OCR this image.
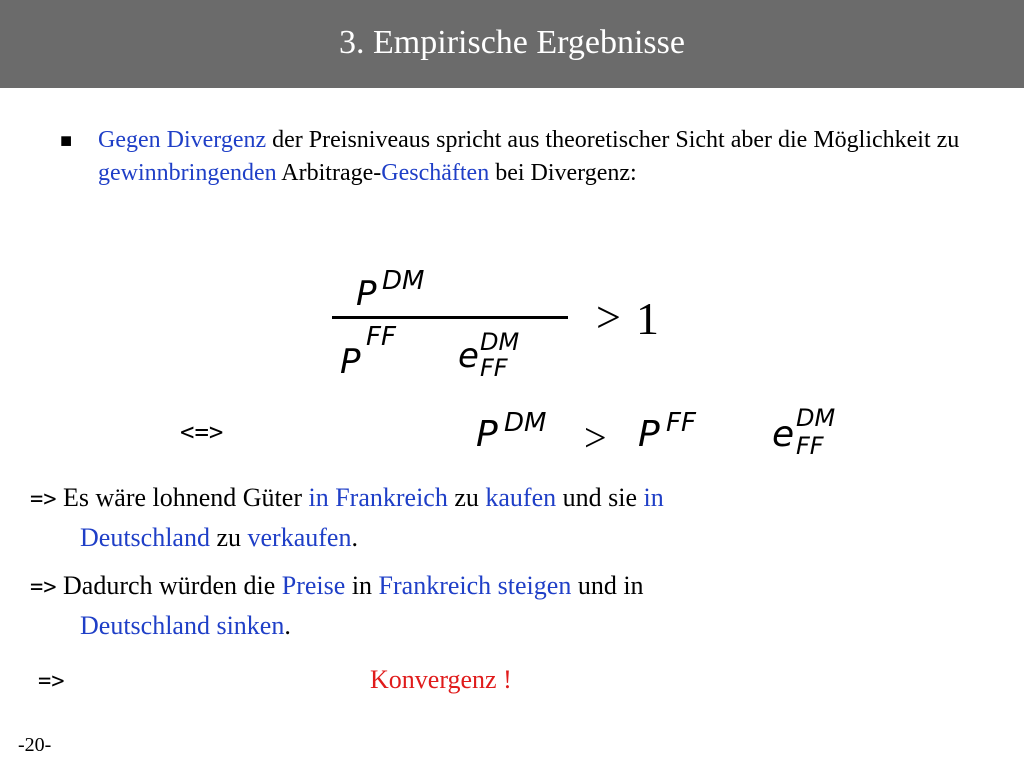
3. Empirische Ergebnisse
■ Gegen Divergenz der Preisniveaus spricht aus theoretischer Sicht aber die Möglichkeit zu gewinnbringenden Arbitrage-Geschäften bei Divergenz:
P DM
P
FF e DM
FF
> 1
<=>	P DM > P FF e DM
FF
=> Es wäre lohnend Güter in Frankreich zu kaufen und sie in
Deutschland zu verkaufen.
=> Dadurch würden die Preise in Frankreich steigen und in
Deutschland sinken.
=>	Konvergenz !
-20-
